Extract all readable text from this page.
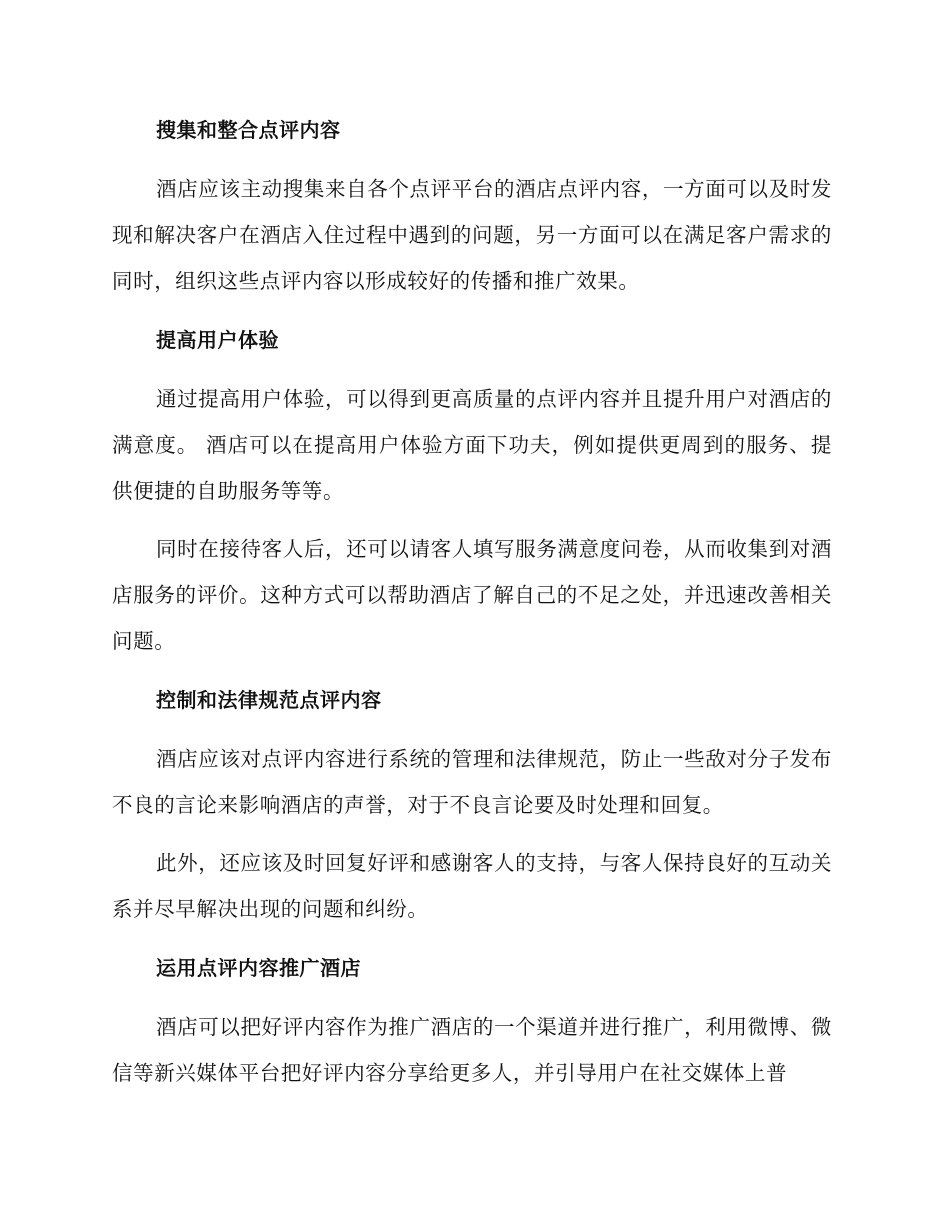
搜集和整合点评内容

酒店应该主动搜集来自各个点评平台的酒店点评内容，一方面可以及时发现和解决客户在酒店入住过程中遇到的问题，另一方面可以在满足客户需求的同时，组织这些点评内容以形成较好的传播和推广效果。

提高用户体验

通过提高用户体验，可以得到更高质量的点评内容并且提升用户对酒店的满意度。 酒店可以在提高用户体验方面下功夫，例如提供更周到的服务、提供便捷的自助服务等等。

同时在接待客人后，还可以请客人填写服务满意度问卷，从而收集到对酒店服务的评价。这种方式可以帮助酒店了解自己的不足之处，并迅速改善相关问题。

控制和法律规范点评内容

酒店应该对点评内容进行系统的管理和法律规范，防止一些敌对分子发布不良的言论来影响酒店的声誉，对于不良言论要及时处理和回复。

此外，还应该及时回复好评和感谢客人的支持，与客人保持良好的互动关系并尽早解决出现的问题和纠纷。

运用点评内容推广酒店

酒店可以把好评内容作为推广酒店的一个渠道并进行推广，利用微博、微信等新兴媒体平台把好评内容分享给更多人，并引导用户在社交媒体上普
